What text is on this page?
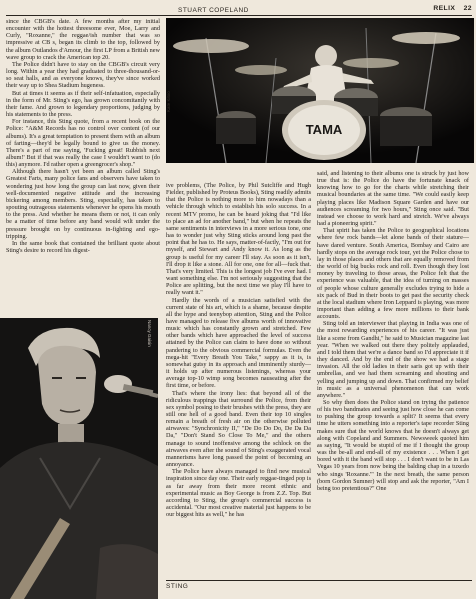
STUART COPELAND	RELIX 22

since the CBGB's date. A few months after my initial encounter with the hottest threesome ever, Moe, Larry and Curly, "Roxanne," the reggae/ish number that was so impressive at CB s, began its climb to the top, followed by the album Outlandos d'Amour, the first LP from a British new wave group to crack the American top 20.

The Police didn't have to stay on the CBGB's circuit very long. Within a year they had graduated to three-thousand-or-so seat halls, and as everyone knows, they've since worked their way up to Shea Stadium hugeness.

But at times it seems as if their self-infatuation, especially in the form of Mr. Sting's ego, has grown concomitantly with their fame. And grown to legendary proportions, judging by his statements to the press.

For instance, this Sting quote, from a recent book on the Police: "A&M Records has no control over content (of our albums). It's a great temptation to present them with an album of farting—they'd be legally bound to give us the money. There's a part of me saying, 'Fucking great! Rubbish next album!' But if that was really the case I wouldn't want to (do this) anymore. I'd rather open a greengrocer's shop."

Although there hasn't yet been an album called Sting's Greatest Farts, many police fans and observers have taken to wondering just how long the group can last now, given their well-documented negative attitude and the increasing bickering among members. Sting, especially, has taken to spouting outrageous statements whenever he opens his mouth to the press. And whether he means them or not, it can only be a matter of time before any band would wilt under the pressure brought on by continuous in-fighting and ego-tripping.

In the same book that contained the brilliant quote about Sting's desire to record his digest-

TAMA
Kate Kitoo

ive problems, (The Police, by Phil Sutcliffe and Hugh Fielder, published by Proteus Books), Sting readily admits that the Police is nothing more to him nowadays than a vehicle through which to establish his solo success. In a recent MTV promo, he can be heard joking that "I'd like to place an ad for another band," but when he repeats the same sentiments in interviews in a more serious tone, one has to wonder just why Sting sticks around long past the point that he has to. He says, matter-of-factly, "I'm out for myself, and Stewart and Andy know it. As long as the group is useful for my career I'll stay. As soon as it isn't, I'll drop it like a stone. All for one, one for all—fuck that. That's very limited. This is the longest job I've ever had. I want something else. I'm not seriously suggesting that the Police are splitting, but the next time we play I'll have to really want it."

Hardly the words of a musician satisfied with the current state of his art, which is a shame, because despite all the hype and teenybop attention, Sting and the Police have managed to release five albums worth of innovative music which has constantly grown and stretched. Few other bands which have approached the level of success attained by the Police can claim to have done so without pandering to the obvious commercial formulas. Even the mega-hit "Every Breath You Take," sappy as it is, is somewhat gutsy in its approach and imminently sturdy—it holds up after numerous listenings, whereas your average top-10 wimp song becomes nauseating after the first time, or before.

That's where the irony lies: that beyond all of the ridiculous trappings that surround the Police, from their sex symbol posing to their brushes with the press, they are still one hell of a good band. Even their top 10 singles remain a breath of fresh air on the otherwise polluted airwaves: "Synchronicity II," "De Do Do Do, De Da Da Da," "Don't Stand So Close To Me," and the others manage to sound inoffensive among the schlock on the airwaves even after the sound of Sting's exaggerated vocal mannerisms have long passed the point of becoming an annoyance.

The Police have always managed to find new musical inspiration since day one. Their early reggae-tinged pop is as far away from their more recent ethnic and experimental music as Boy George is from Z.Z. Top. But according to Sting, the group's commercial success is accidental. "Our most creative material just happens to be our biggest hits as well," he has

said, and listening to their albums one is struck by just how true that is: the Police do have the fortunate knack of knowing how to go for the charts while stretching their musical boundaries at the same time. "We could easily keep playing places like Madison Square Garden and have our audiences screaming for two hours," Sting once said. "But instead we choose to work hard and stretch. We've always had a pioneering spirit."

That spirit has taken the Police to geographical locations where few rock bands—let alone bands of their stature—have dared venture. South America, Bombay and Cairo are hardly stops on the average rock tour, yet the Police chose to lay in those places and others that are equally removed from the world of big bucks rock and roll. Even though they lost money by traveling to those areas, the Police felt that the experience was valuable, that the idea of turning on masses of people whose culture generally excludes trying to hide a six pack of Bud in their boots to get past the security check at the local stadium where Iron Leppard is playing, was more important than adding a few more millions to their bank accounts.

Sting told an interviewer that playing in India was one of the most rewarding experiences of his career. "It was just like a scene from Gandhi," he said to Musician magazine last year. "When we walked out there they politely applauded, and I told them that we're a dance band so I'd appreciate it if they danced. And by the end of the show we had a stage invasion. All the old ladies in their saris got up with their umbrellas, and we had them screaming and shouting and yelling and jumping up and down. That confirmed my belief in music as a universal phenomenon that can work anywhere."

So why then does the Police stand on trying the patience of his two bandmates and seeing just how close he can come to pushing the group towards a split? It seems that every time he utters something into a reporter's tape recorder Sting makes sure that the world knows that he doesn't always get along with Copeland and Summers. Newsweek quoted him as saying, "It would be stupid of me if I thought the group was the be-all and end-all of my existence . . . When I get bored with it the band will stop . . . I don't want to be in Las Vegas 10 years from now being the balding chap in a tuxedo who sings 'Roxanne.'" In the next breath, the same person (born Gordon Sumner) will stop and ask the reporter, "Am I being too pretentious?" One

Nancy Gaisin
STING
